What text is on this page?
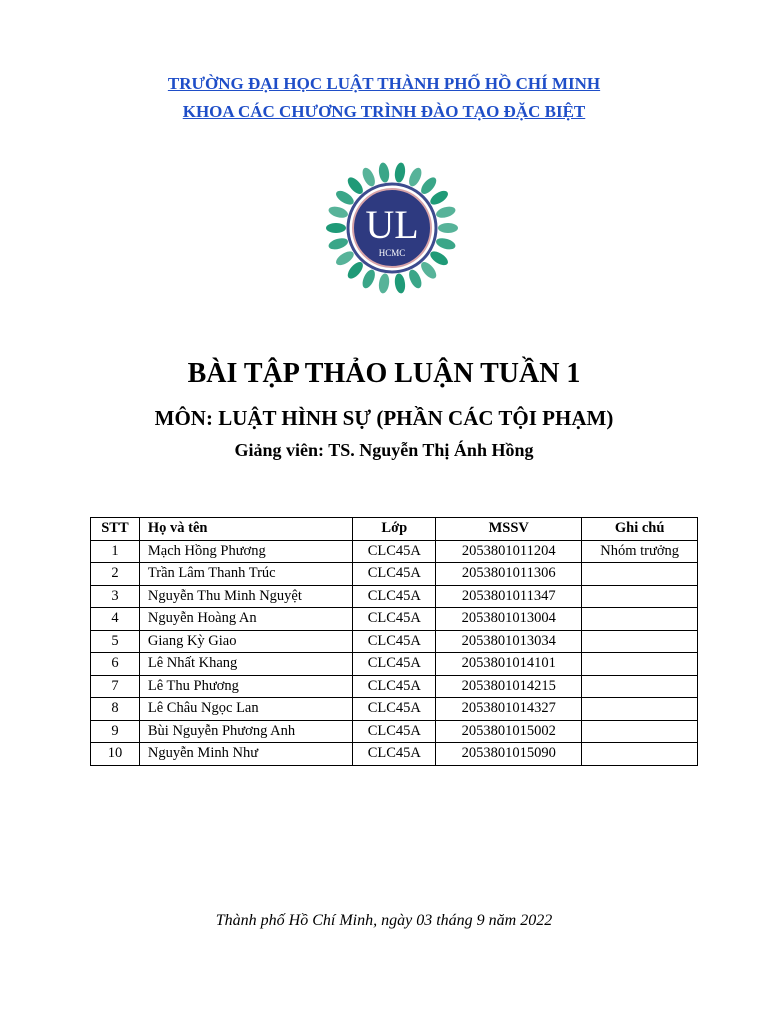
TRƯỜNG ĐẠI HỌC LUẬT THÀNH PHỐ HỒ CHÍ MINH
KHOA CÁC CHƯƠNG TRÌNH ĐÀO TẠO ĐẶC BIỆT
UL
HCMC
BÀI TẬP THẢO LUẬN TUẦN 1
MÔN: LUẬT HÌNH SỰ (PHẦN CÁC TỘI PHẠM)
Giảng viên: TS. Nguyễn Thị Ánh Hồng
STT	Họ và tên	Lớp	MSSV	Ghi chú
1	Mạch Hồng Phương	CLC45A	2053801011204	Nhóm trưởng
2	Trần Lâm Thanh Trúc	CLC45A	2053801011306	
3	Nguyễn Thu Minh Nguyệt	CLC45A	2053801011347	
4	Nguyễn Hoàng An	CLC45A	2053801013004	
5	Giang Kỳ Giao	CLC45A	2053801013034	
6	Lê Nhất Khang	CLC45A	2053801014101	
7	Lê Thu Phương	CLC45A	2053801014215	
8	Lê Châu Ngọc Lan	CLC45A	2053801014327	
9	Bùi Nguyễn Phương Anh	CLC45A	2053801015002	
10	Nguyễn Minh Như	CLC45A	2053801015090	
Thành phố Hồ Chí Minh, ngày 03 tháng 9 năm 2022
